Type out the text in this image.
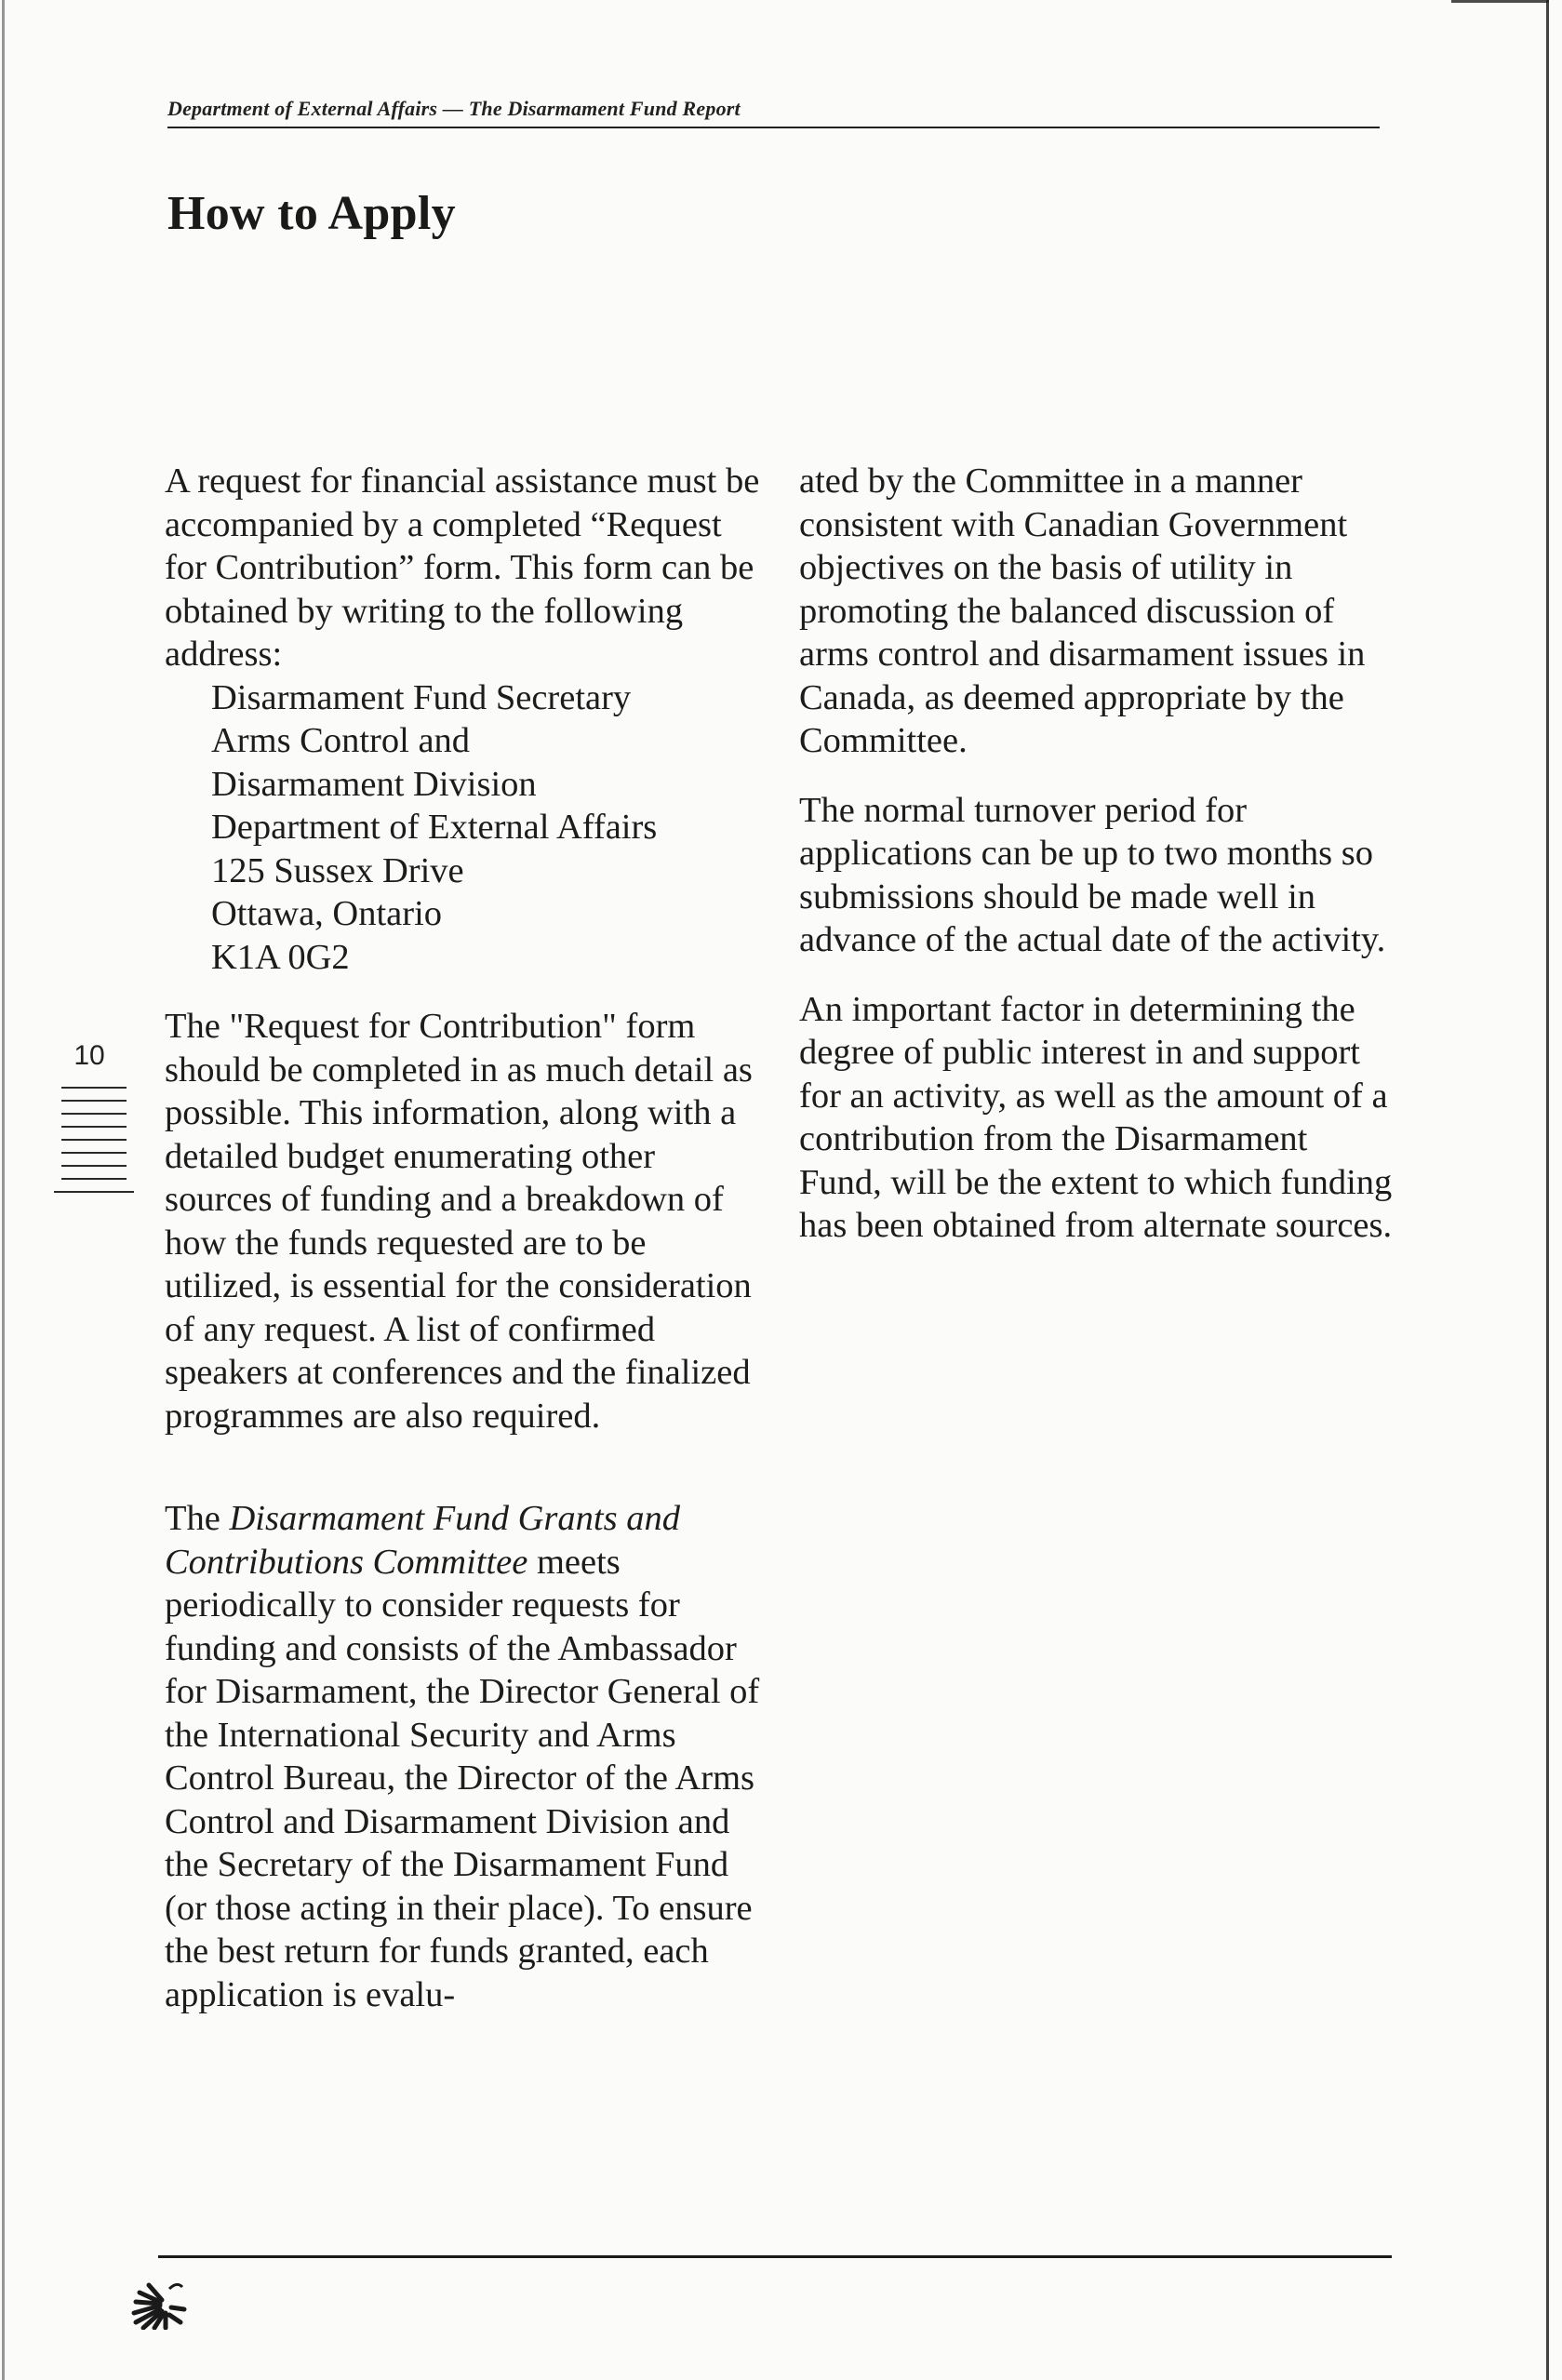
Department of External Affairs — The Disarmament Fund Report
How to Apply

A request for financial assistance must be accompanied by a completed “Request for Contribution” form. This form can be obtained by writing to the following address:

Disarmament Fund Secretary

Arms Control and

Disarmament Division

Department of External Affairs

125 Sussex Drive

Ottawa, Ontario

K1A 0G2

The "Request for Contribution" form should be completed in as much detail as possible. This information, along with a detailed budget enumerating other sources of funding and a breakdown of how the funds requested are to be utilized, is essential for the consideration of any request. A list of confirmed speakers at conferences and the finalized programmes are also required.

The Disarmament Fund Grants and Contributions Committee meets periodically to consider requests for funding and consists of the Ambassador for Disarmament, the Director General of the International Security and Arms Control Bureau, the Director of the Arms Control and Disarmament Division and the Secretary of the Disarmament Fund (or those acting in their place). To ensure the best return for funds granted, each application is evalu-

ated by the Committee in a manner consistent with Canadian Government objectives on the basis of utility in promoting the balanced discussion of arms control and disarmament issues in Canada, as deemed appropriate by the Committee.

The normal turnover period for applications can be up to two months so submissions should be made well in advance of the actual date of the activity.

An important factor in determining the degree of public interest in and support for an activity, as well as the amount of a contribution from the Disarmament Fund, will be the extent to which funding has been obtained from alternate sources.

10
